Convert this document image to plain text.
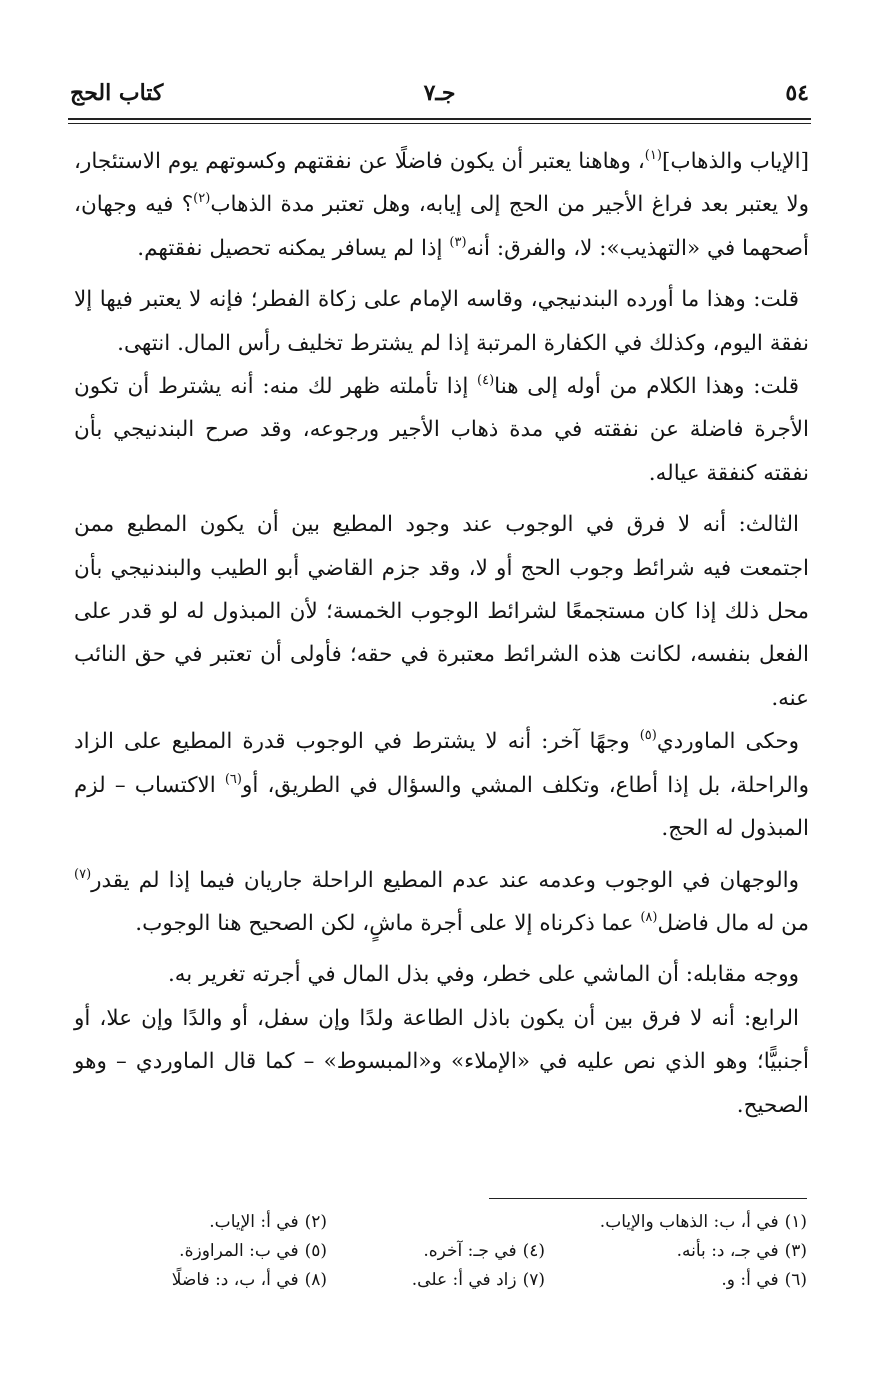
٥٤
جـ٧
كتاب الحج

[الإياب والذهاب]$^{(١)}$، وهاهنا يعتبر أن يكون فاضلًا عن نفقتهم وكسوتهم يوم الاستئجار، ولا يعتبر بعد فراغ الأجير من الحج إلى إيابه، وهل تعتبر مدة الذهاب$^{(٢)}$؟ فيه وجهان، أصحهما في «التهذيب»: لا، والفرق: أنه$^{(٣)}$ إذا لم يسافر يمكنه تحصيل نفقتهم.

قلت: وهذا ما أورده البندنيجي، وقاسه الإمام على زكاة الفطر؛ فإنه لا يعتبر فيها إلا نفقة اليوم، وكذلك في الكفارة المرتبة إذا لم يشترط تخليف رأس المال. انتهى.

قلت: وهذا الكلام من أوله إلى هنا$^{(٤)}$ إذا تأملته ظهر لك منه: أنه يشترط أن تكون الأجرة فاضلة عن نفقته في مدة ذهاب الأجير ورجوعه، وقد صرح البندنيجي بأن نفقته كنفقة عياله.

الثالث: أنه لا فرق في الوجوب عند وجود المطيع بين أن يكون المطيع ممن اجتمعت فيه شرائط وجوب الحج أو لا، وقد جزم القاضي أبو الطيب والبندنيجي بأن محل ذلك إذا كان مستجمعًا لشرائط الوجوب الخمسة؛ لأن المبذول له لو قدر على الفعل بنفسه، لكانت هذه الشرائط معتبرة في حقه؛ فأولى أن تعتبر في حق النائب عنه.

وحكى الماوردي$^{(٥)}$ وجهًا آخر: أنه لا يشترط في الوجوب قدرة المطيع على الزاد والراحلة، بل إذا أطاع، وتكلف المشي والسؤال في الطريق، أو$^{(٦)}$ الاكتساب – لزم المبذول له الحج.

والوجهان في الوجوب وعدمه عند عدم المطيع الراحلة جاريان فيما إذا لم يقدر$^{(٧)}$ من له مال فاضل$^{(٨)}$ عما ذكرناه إلا على أجرة ماشٍ، لكن الصحيح هنا الوجوب.

ووجه مقابله: أن الماشي على خطر، وفي بذل المال في أجرته تغرير به.

الرابع: أنه لا فرق بين أن يكون باذل الطاعة ولدًا وإن سفل، أو والدًا وإن علا، أو أجنبيًّا؛ وهو الذي نص عليه في «الإملاء» و«المبسوط» – كما قال الماوردي – وهو الصحيح.

(١)في أ، ب: الذهاب والإياب.
(٢)في أ: الإياب.
(٣)في جـ، د: بأنه.
(٤)في جـ: آخره.
(٥)في ب: المراوزة.
(٦)في أ: و.
(٧)زاد في أ: على.
(٨)في أ، ب، د: فاضلًا
